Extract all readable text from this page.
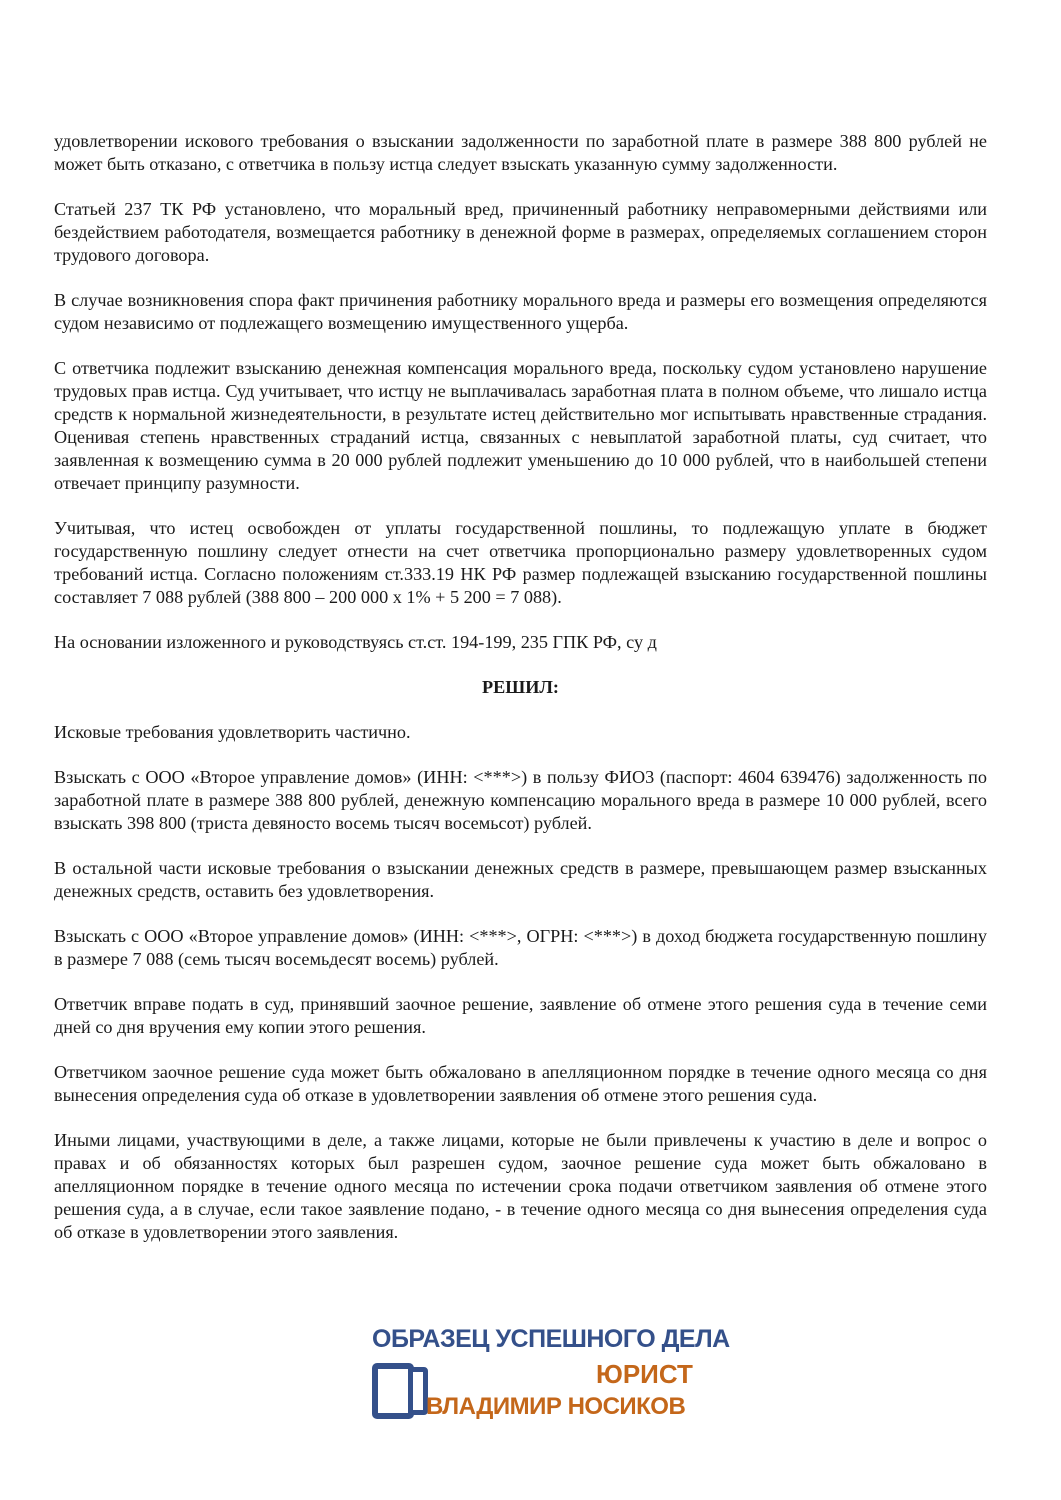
удовлетворении искового требования о взыскании задолженности по заработной плате в размере 388 800 рублей не может быть отказано, с ответчика в пользу истца следует взыскать указанную сумму задолженности.

Статьей 237 ТК РФ установлено, что моральный вред, причиненный работнику неправомерными действиями или бездействием работодателя, возмещается работнику в денежной форме в размерах, определяемых соглашением сторон трудового договора.

В случае возникновения спора факт причинения работнику морального вреда и размеры его возмещения определяются судом независимо от подлежащего возмещению имущественного ущерба.

С ответчика подлежит взысканию денежная компенсация морального вреда, поскольку судом установлено нарушение трудовых прав истца. Суд учитывает, что истцу не выплачивалась заработная плата в полном объеме, что лишало истца средств к нормальной жизнедеятельности, в результате истец действительно мог испытывать нравственные страдания. Оценивая степень нравственных страданий истца, связанных с невыплатой заработной платы, суд считает, что заявленная к возмещению сумма в 20 000 рублей подлежит уменьшению до 10 000 рублей, что в наибольшей степени отвечает принципу разумности.

Учитывая, что истец освобожден от уплаты государственной пошлины, то подлежащую уплате в бюджет государственную пошлину следует отнести на счет ответчика пропорционально размеру удовлетворенных судом требований истца. Согласно положениям ст.333.19 НК РФ размер подлежащей взысканию государственной пошлины составляет 7 088 рублей (388 800 – 200 000 х 1% + 5 200 = 7 088).

На основании изложенного и руководствуясь ст.ст. 194-199, 235 ГПК РФ, су д

РЕШИЛ:

Исковые требования удовлетворить частично.

Взыскать с ООО «Второе управление домов» (ИНН: <***>) в пользу ФИО3 (паспорт: 4604 639476) задолженность по заработной плате в размере 388 800 рублей, денежную компенсацию морального вреда в размере 10 000 рублей, всего взыскать 398 800 (триста девяносто восемь тысяч восемьсот) рублей.

В остальной части исковые требования о взыскании денежных средств в размере, превышающем размер взысканных денежных средств, оставить без удовлетворения.

Взыскать с ООО «Второе управление домов» (ИНН: <***>, ОГРН: <***>) в доход бюджета государственную пошлину в размере 7 088 (семь тысяч восемьдесят восемь) рублей.

Ответчик вправе подать в суд, принявший заочное решение, заявление об отмене этого решения суда в течение семи дней со дня вручения ему копии этого решения.

Ответчиком заочное решение суда может быть обжаловано в апелляционном порядке в течение одного месяца со дня вынесения определения суда об отказе в удовлетворении заявления об отмене этого решения суда.

Иными лицами, участвующими в деле, а также лицами, которые не были привлечены к участию в деле и вопрос о правах и об обязанностях которых был разрешен судом, заочное решение суда может быть обжаловано в апелляционном порядке в течение одного месяца по истечении срока подачи ответчиком заявления об отмене этого решения суда, а в случае, если такое заявление подано, - в течение одного месяца со дня вынесения определения суда об отказе в удовлетворении этого заявления.

ОБРАЗЕЦ УСПЕШНОГО ДЕЛА
ЮРИСТ
ВЛАДИМИР НОСИКОВ
